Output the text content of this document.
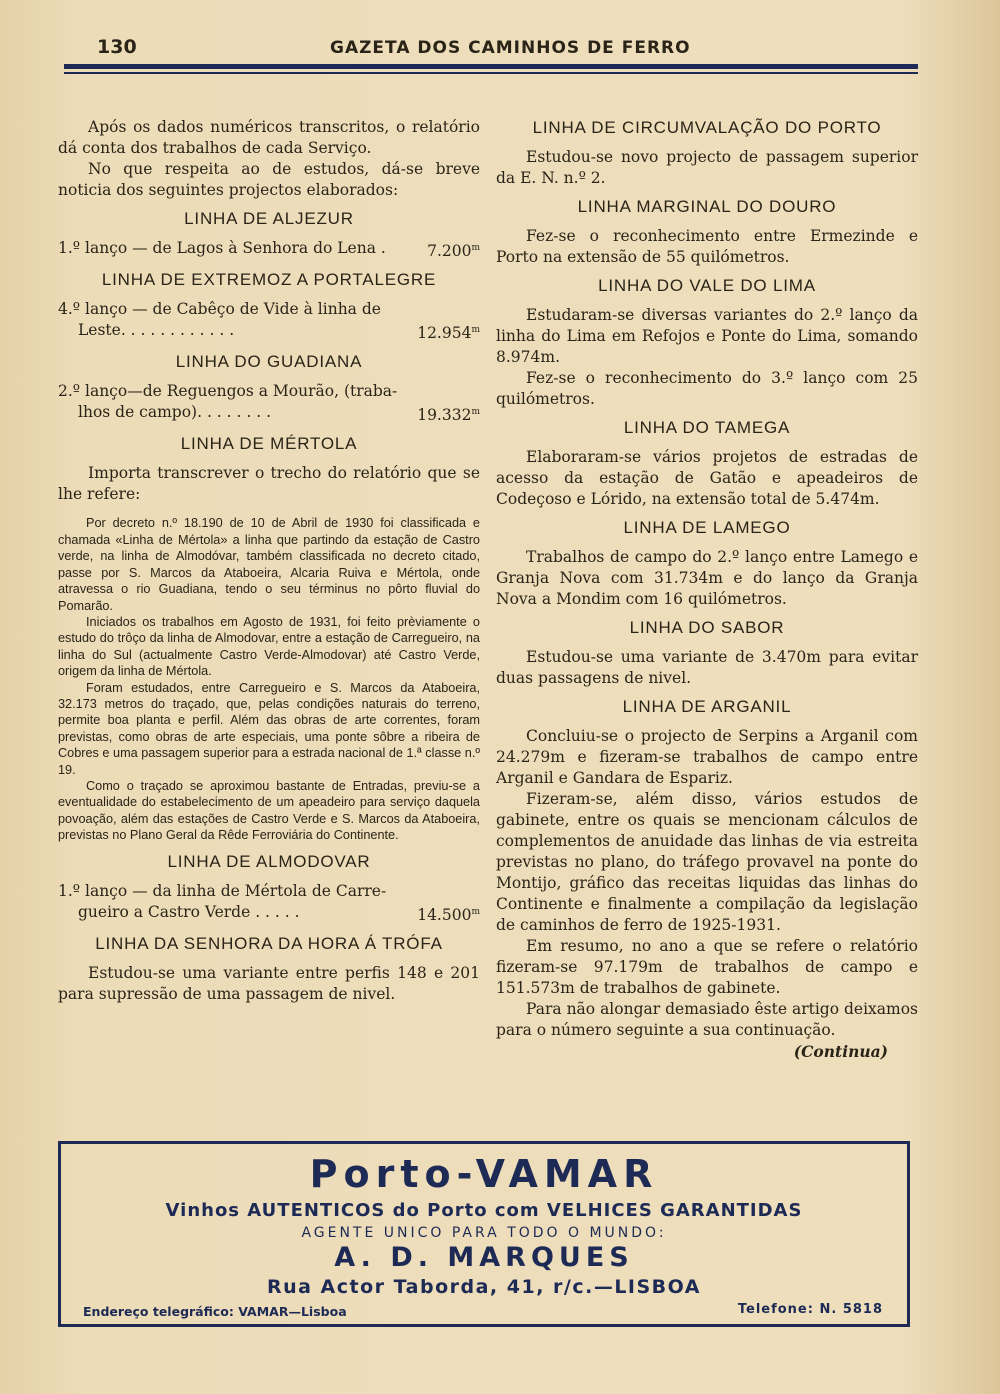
130	GAZETA DOS CAMINHOS DE FERRO

Após os dados numéricos transcritos, o relatório dá conta dos trabalhos de cada Serviço.

No que respeita ao de estudos, dá-se breve noticia dos seguintes projectos elaborados:

LINHA DE ALJEZUR
1.º lanço — de Lagos à Senhora do Lena .	7.200$^m$
LINHA DE EXTREMOZ A PORTALEGRE
4.º lanço — de Cabêço de Vide à linha de
Leste. . . . . . . . . . . .	12.954$^m$
LINHA DO GUADIANA
2.º lanço—de Reguengos a Mourão, (traba-
lhos de campo). . . . . . . .	19.332$^m$
LINHA DE MÉRTOLA

Importa transcrever o trecho do relatório que se lhe refere:

Por decreto n.º 18.190 de 10 de Abril de 1930 foi classificada e chamada «Linha de Mértola» a linha que partindo da estação de Castro verde, na linha de Almodóvar, também classificada no decreto citado, passe por S. Marcos da Ataboeira, Alcaria Ruiva e Mértola, onde atravessa o rio Guadiana, tendo o seu términus no pôrto fluvial do Pomarão.

Iniciados os trabalhos em Agosto de 1931, foi feito prèviamente o estudo do trôço da linha de Almodovar, entre a estação de Carregueiro, na linha do Sul (actualmente Castro Verde-Almodovar) até Castro Verde, origem da linha de Mértola.

Foram estudados, entre Carregueiro e S. Marcos da Ataboeira, 32.173 metros do traçado, que, pelas condições naturais do terreno, permite boa planta e perfil. Além das obras de arte correntes, foram previstas, como obras de arte especiais, uma ponte sôbre a ribeira de Cobres e uma passagem superior para a estrada nacional de 1.ª classe n.º 19.

Como o traçado se aproximou bastante de Entradas, previu-se a eventualidade do estabelecimento de um apeadeiro para serviço daquela povoação, além das estações de Castro Verde e S. Marcos da Ataboeira, previstas no Plano Geral da Rêde Ferroviária do Continente.

LINHA DE ALMODOVAR
1.º lanço — da linha de Mértola de Carre-
gueiro a Castro Verde . . . . .	14.500$^m$
LINHA DA SENHORA DA HORA Á TRÓFA

Estudou-se uma variante entre perfis 148 e 201 para supressão de uma passagem de nivel.

LINHA DE CIRCUMVALAÇÃO DO PORTO

Estudou-se novo projecto de passagem superior da E. N. n.º 2.

LINHA MARGINAL DO DOURO

Fez-se o reconhecimento entre Ermezinde e Porto na extensão de 55 quilómetros.

LINHA DO VALE DO LIMA

Estudaram-se diversas variantes do 2.º lanço da linha do Lima em Refojos e Ponte do Lima, somando 8.974m.

Fez-se o reconhecimento do 3.º lanço com 25 quilómetros.

LINHA DO TAMEGA

Elaboraram-se vários projetos de estradas de acesso da estação de Gatão e apeadeiros de Codeçoso e Lórido, na extensão total de 5.474m.

LINHA DE LAMEGO

Trabalhos de campo do 2.º lanço entre Lamego e Granja Nova com 31.734m e do lanço da Granja Nova a Mondim com 16 quilómetros.

LINHA DO SABOR

Estudou-se uma variante de 3.470m para evitar duas passagens de nivel.

LINHA DE ARGANIL

Concluiu-se o projecto de Serpins a Arganil com 24.279m e fizeram-se trabalhos de campo entre Arganil e Gandara de Espariz.

Fizeram-se, além disso, vários estudos de gabinete, entre os quais se mencionam cálculos de complementos de anuidade das linhas de via estreita previstas no plano, do tráfego provavel na ponte do Montijo, gráfico das receitas liquidas das linhas do Continente e finalmente a compilação da legislação de caminhos de ferro de 1925-1931.

Em resumo, no ano a que se refere o relatório fizeram-se 97.179m de trabalhos de campo e 151.573m de trabalhos de gabinete.

Para não alongar demasiado êste artigo deixamos para o número seguinte a sua continuação.

(Continua)
Porto-VAMAR
Vinhos AUTENTICOS do Porto com VELHICES GARANTIDAS
AGENTE UNICO PARA TODO O MUNDO:
A. D. MARQUES
Rua Actor Taborda, 41, r/c.—LISBOA
Endereço telegráfico: VAMAR—Lisboa	Telefone: N. 5818
